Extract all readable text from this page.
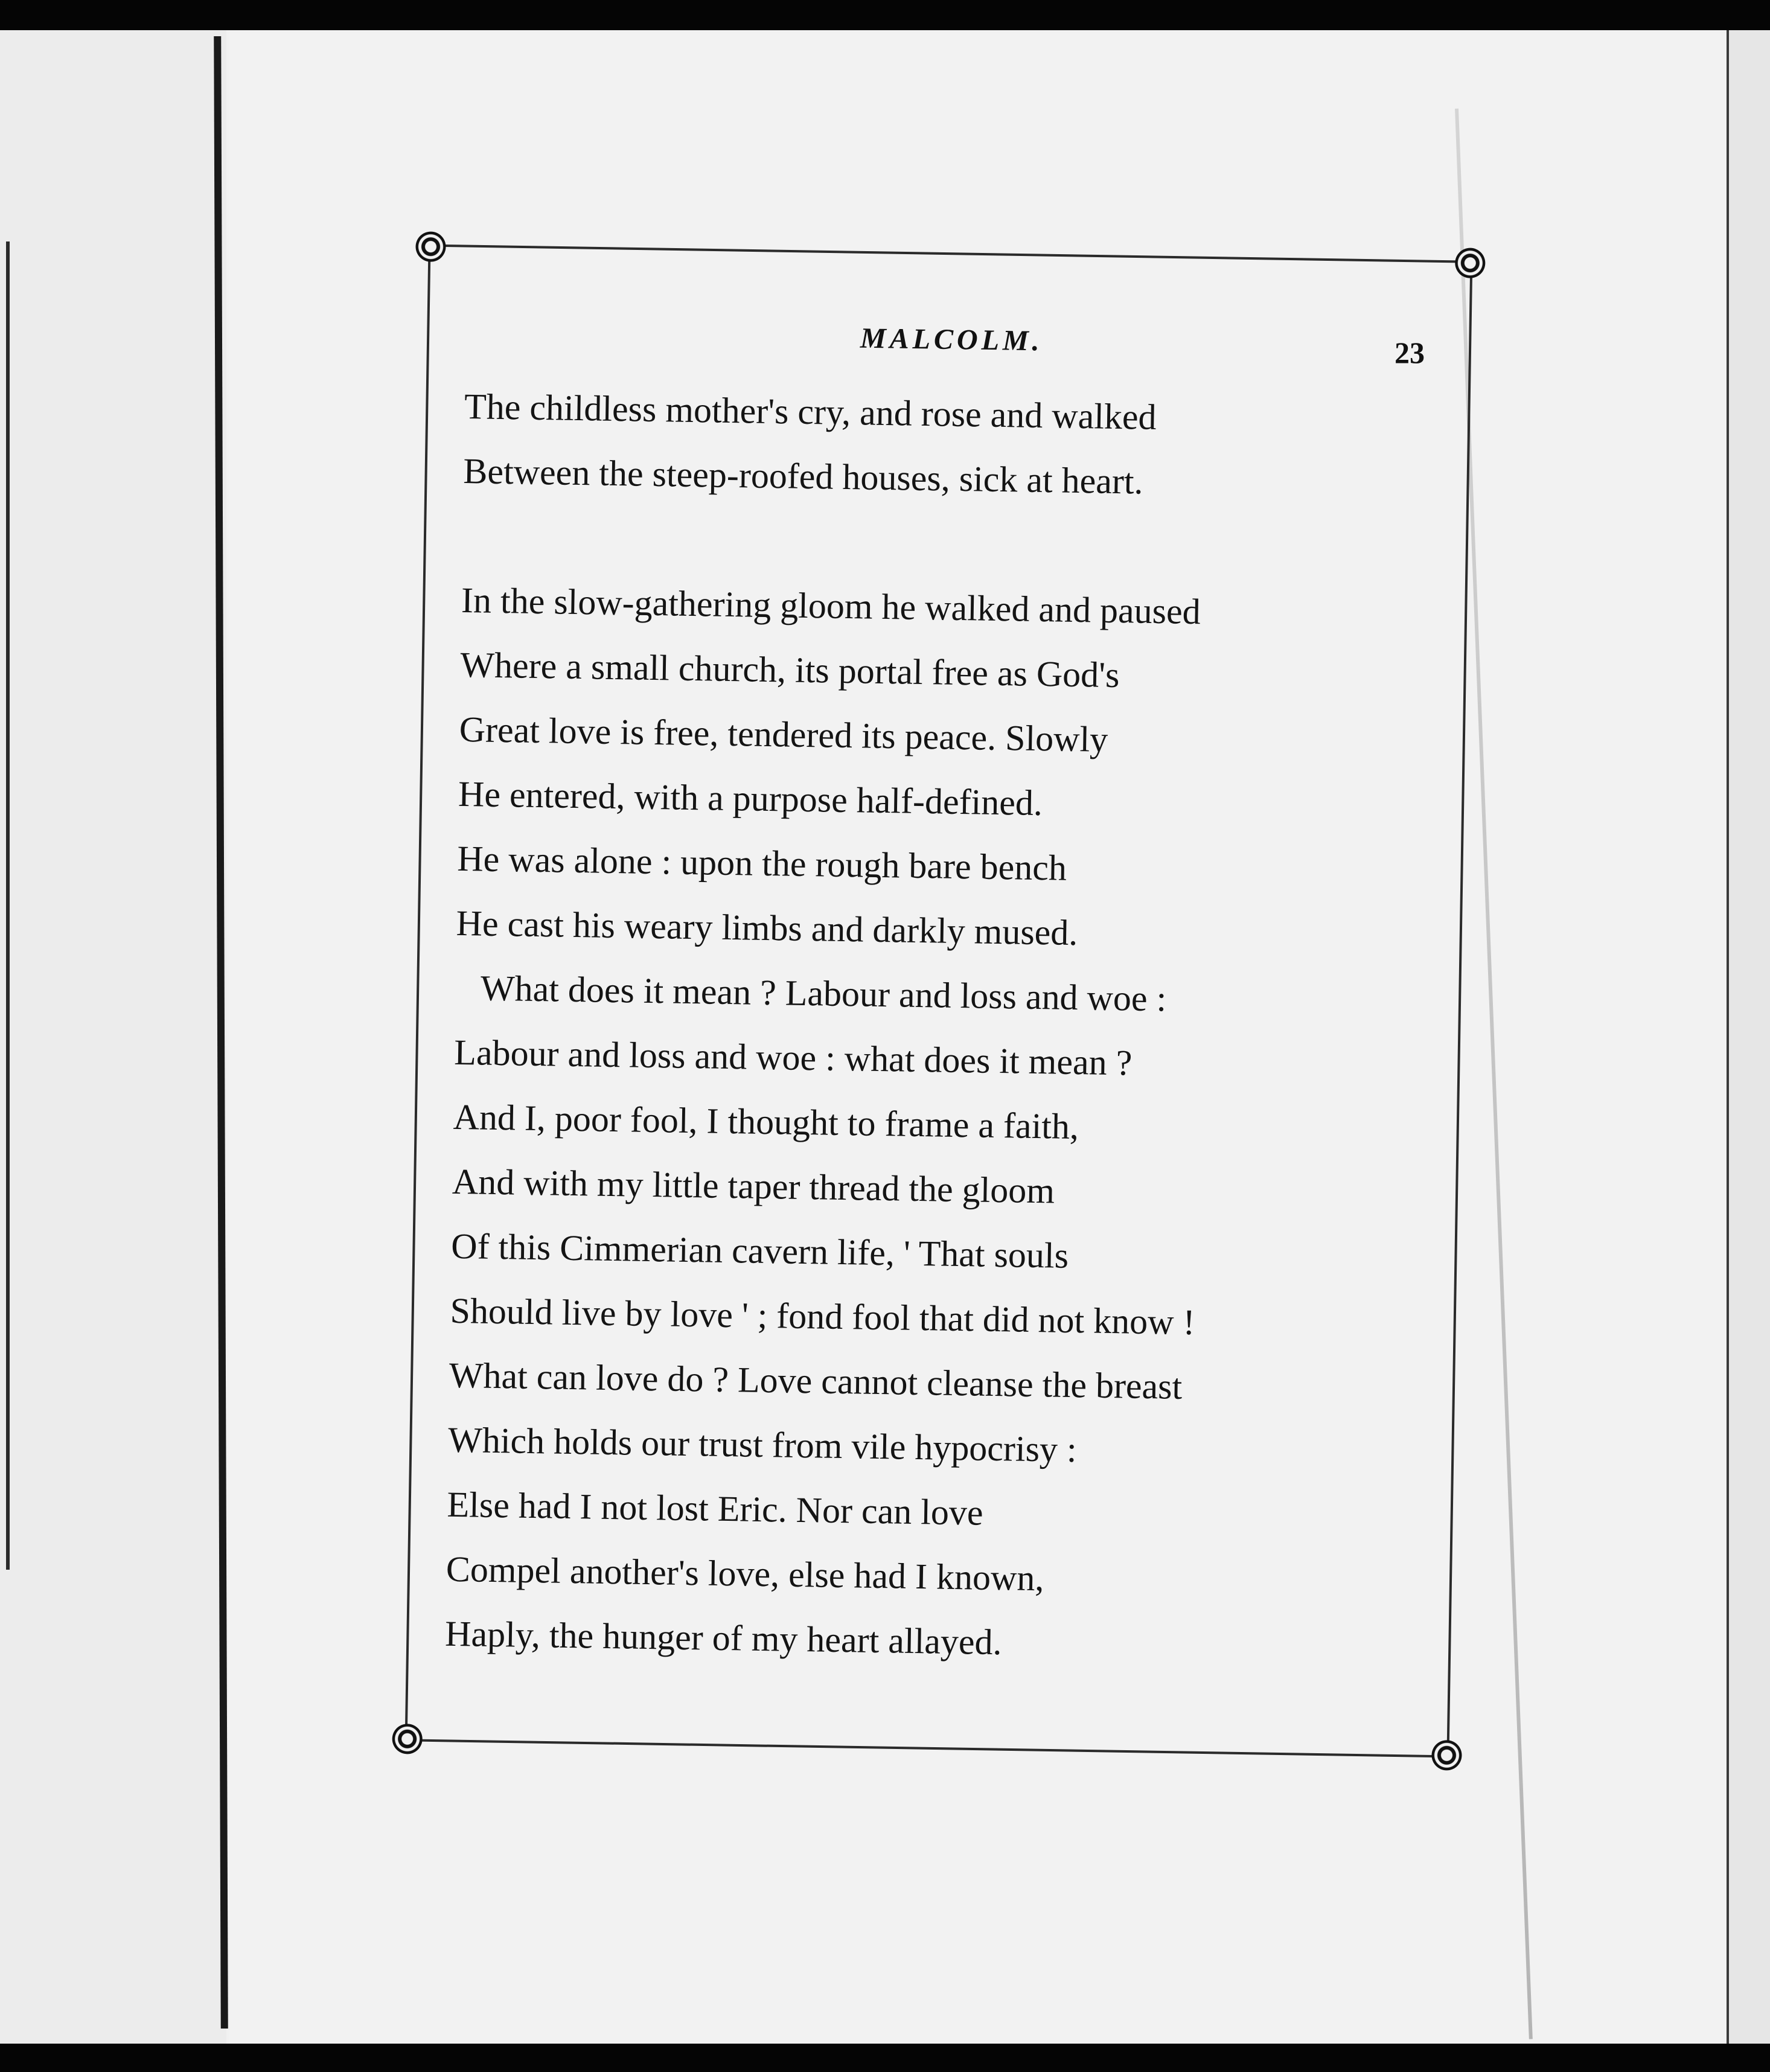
MALCOLM.	23
The childless mother's cry, and rose and walked
Between the steep-roofed houses, sick at heart.
In the slow-gathering gloom he walked and paused
Where a small church, its portal free as God's
Great love is free, tendered its peace. Slowly
He entered, with a purpose half-defined.
He was alone : upon the rough bare bench
He cast his weary limbs and darkly mused.
What does it mean ? Labour and loss and woe :
Labour and loss and woe : what does it mean ?
And I, poor fool, I thought to frame a faith,
And with my little taper thread the gloom
Of this Cimmerian cavern life, ' That souls
Should live by love ' ; fond fool that did not know !
What can love do ? Love cannot cleanse the breast
Which holds our trust from vile hypocrisy :
Else had I not lost Eric. Nor can love
Compel another's love, else had I known,
Haply, the hunger of my heart allayed.
